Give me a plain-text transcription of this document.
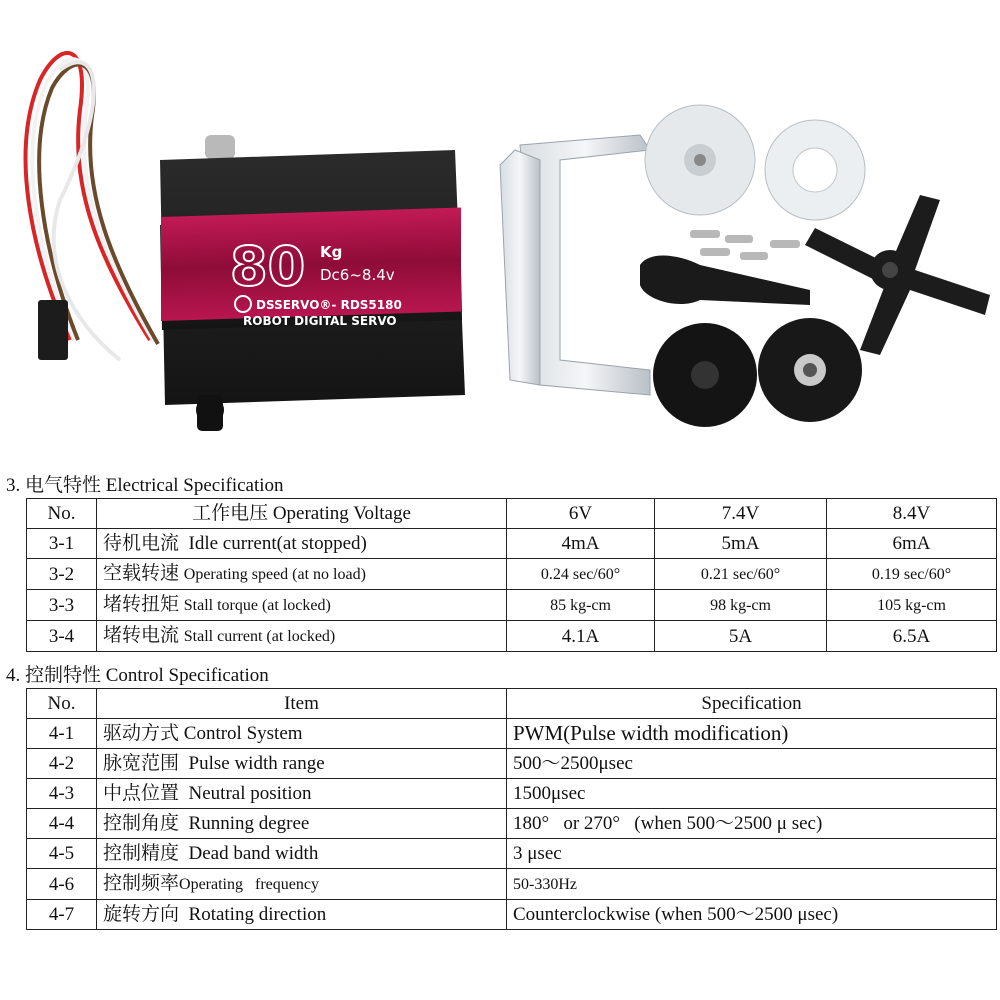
80 Kg
Dc6~8.4v
DSSERVO®- RDS5180
ROBOT DIGITAL SERVO
3. 电气特性 Electrical Specification
No.	工作电压 Operating Voltage	6V	7.4V	8.4V
3-1	待机电流 Idle current(at stopped)	4mA	5mA	6mA
3-2	空载转速 Operating speed (at no load)	0.24 sec/60°	0.21 sec/60°	0.19 sec/60°
3-3	堵转扭矩 Stall torque (at locked)	85 kg-cm	98 kg-cm	105 kg-cm
3-4	堵转电流 Stall current (at locked)	4.1A	5A	6.5A
4. 控制特性 Control Specification
No.	Item	Specification
4-1	驱动方式 Control System	PWM(Pulse width modification)
4-2	脉宽范围 Pulse width range	500～2500μsec
4-3	中点位置 Neutral position	1500μsec
4-4	控制角度 Running degree	180°   or 270°   (when 500～2500 μ sec)
4-5	控制精度 Dead band width	3 μsec
4-6	控制频率Operating   frequency	50-330Hz
4-7	旋转方向 Rotating direction	Counterclockwise (when 500～2500 μsec)
